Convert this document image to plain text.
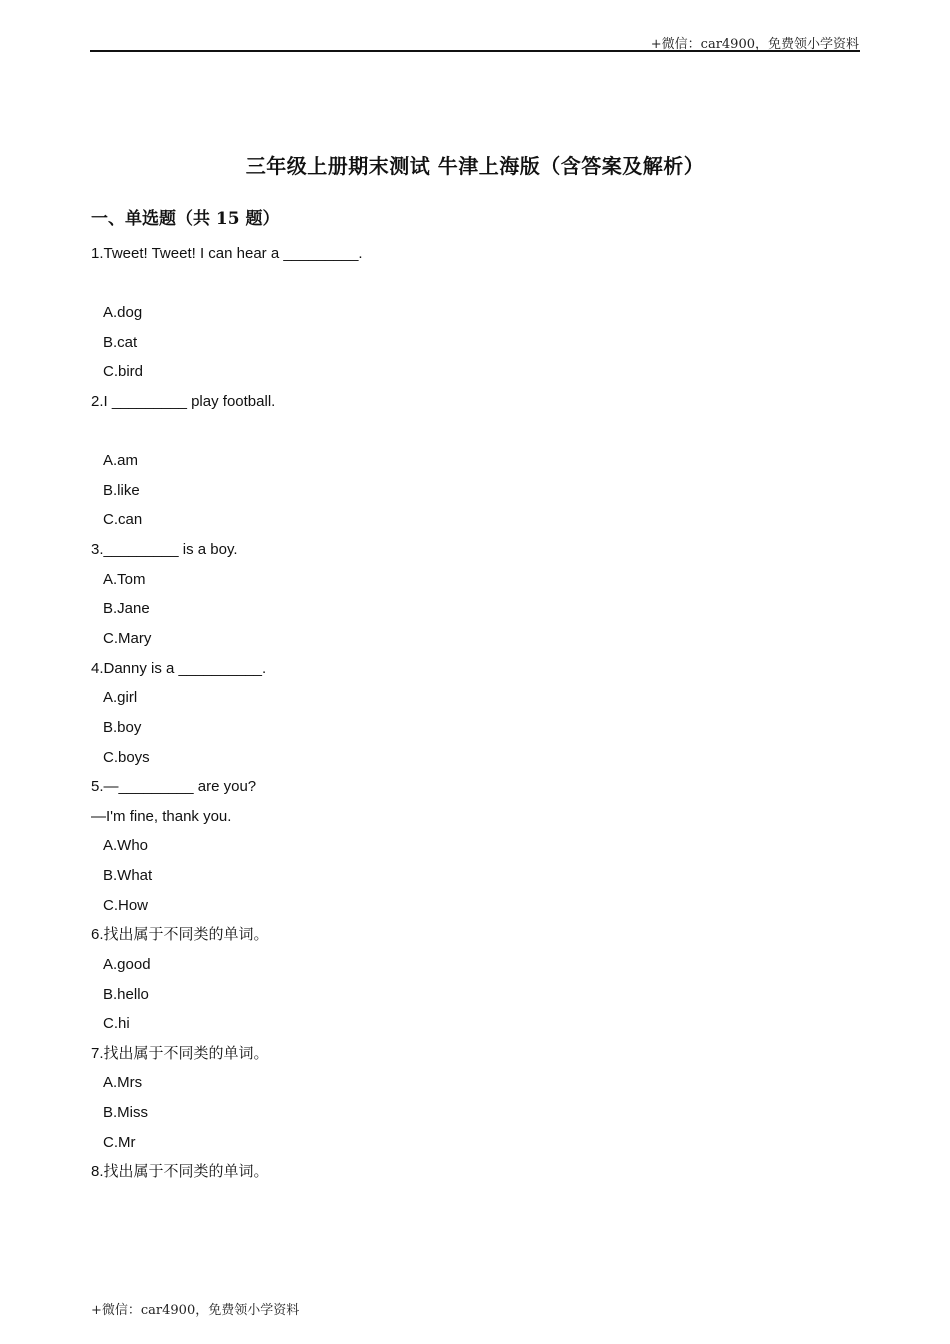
+微信：car4900，免费领小学资料
三年级上册期末测试 牛津上海版（含答案及解析）
一、单选题（共 15 题）
1.Tweet! Tweet! I can hear a _________.
A.dog
B.cat
C.bird
2.I _________ play football.
A.am
B.like
C.can
3._________ is a boy.
A.Tom
B.Jane
C.Mary
4.Danny is a __________.
A.girl
B.boy
C.boys
5.—_________ are you?
—I'm fine, thank you.
A.Who
B.What
C.How
6.找出属于不同类的单词。
A.good
B.hello
C.hi
7.找出属于不同类的单词。
A.Mrs
B.Miss
C.Mr
8.找出属于不同类的单词。
+微信：car4900，免费领小学资料
